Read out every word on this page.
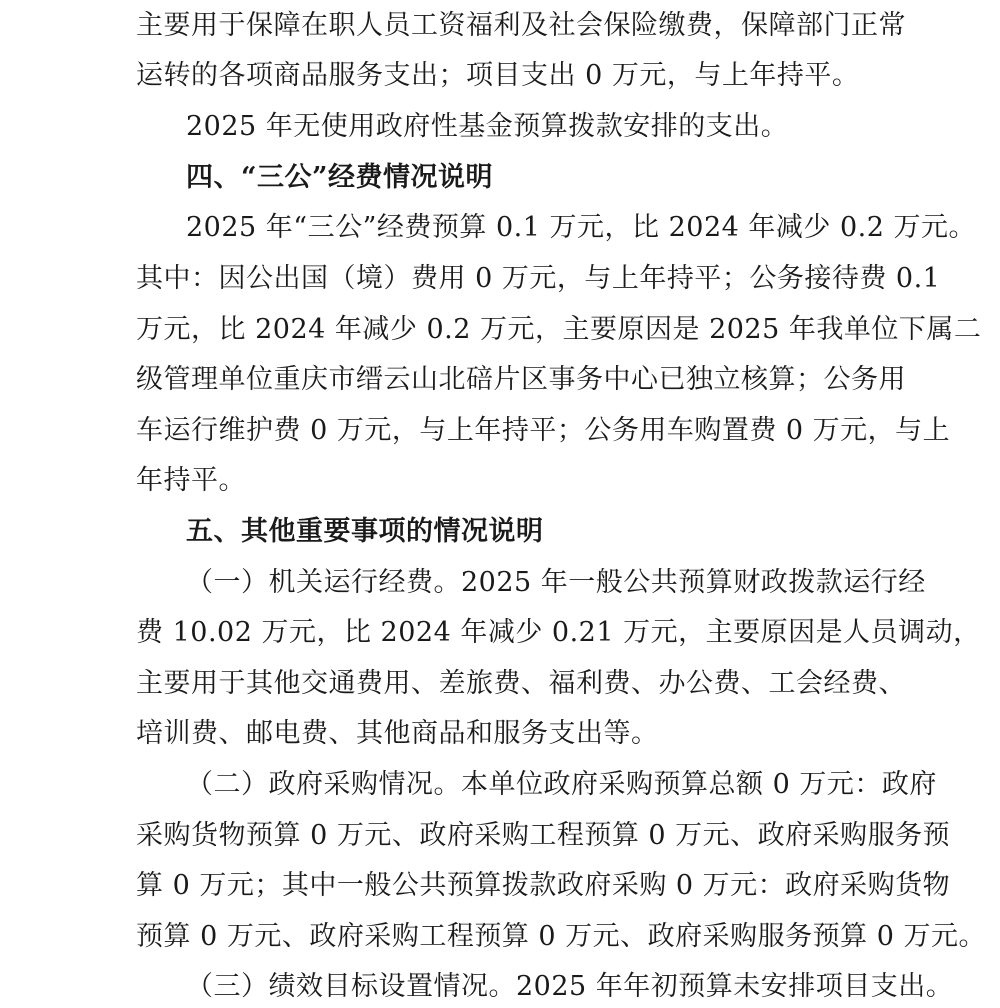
主要用于保障在职人员工资福利及社会保险缴费，保障部门正常
运转的各项商品服务支出；项目支出 0 万元，与上年持平。
2025 年无使用政府性基金预算拨款安排的支出。
四、“三公”经费情况说明
2025 年“三公”经费预算 0.1 万元，比 2024 年减少 0.2 万元。
其中：因公出国（境）费用 0 万元，与上年持平；公务接待费 0.1
万元，比 2024 年减少 0.2 万元，主要原因是 2025 年我单位下属二
级管理单位重庆市缙云山北碚片区事务中心已独立核算；公务用
车运行维护费 0 万元，与上年持平；公务用车购置费 0 万元，与上
年持平。
五、其他重要事项的情况说明
（一）机关运行经费。2025 年一般公共预算财政拨款运行经
费 10.02 万元，比 2024 年减少 0.21 万元，主要原因是人员调动，
主要用于其他交通费用、差旅费、福利费、办公费、工会经费、
培训费、邮电费、其他商品和服务支出等。
（二）政府采购情况。本单位政府采购预算总额 0 万元：政府
采购货物预算 0 万元、政府采购工程预算 0 万元、政府采购服务预
算 0 万元；其中一般公共预算拨款政府采购 0 万元：政府采购货物
预算 0 万元、政府采购工程预算 0 万元、政府采购服务预算 0 万元。
（三）绩效目标设置情况。2025 年年初预算未安排项目支出。
